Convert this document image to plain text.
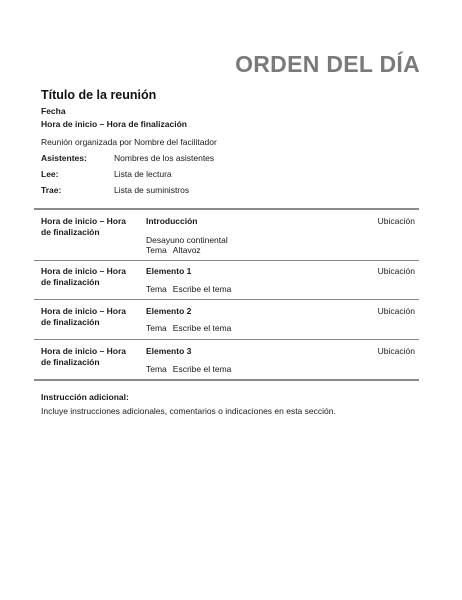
ORDEN DEL DÍA
Título de la reunión
Fecha
Hora de inicio – Hora de finalización
Reunión organizada por Nombre del facilitador
Asistentes:	Nombres de los asistentes
Lee:	Lista de lectura
Trae:	Lista de suministros
Hora de inicio – Hora
de finalización
Introducción	Ubicación
Desayuno continental
Tema Altavoz
Hora de inicio – Hora
de finalización
Elemento 1	Ubicación
Tema Escribe el tema
Hora de inicio – Hora
de finalización
Elemento 2	Ubicación
Tema Escribe el tema
Hora de inicio – Hora
de finalización
Elemento 3	Ubicación
Tema Escribe el tema
Instrucción adicional:
Incluye instrucciones adicionales, comentarios o indicaciones en esta sección.
